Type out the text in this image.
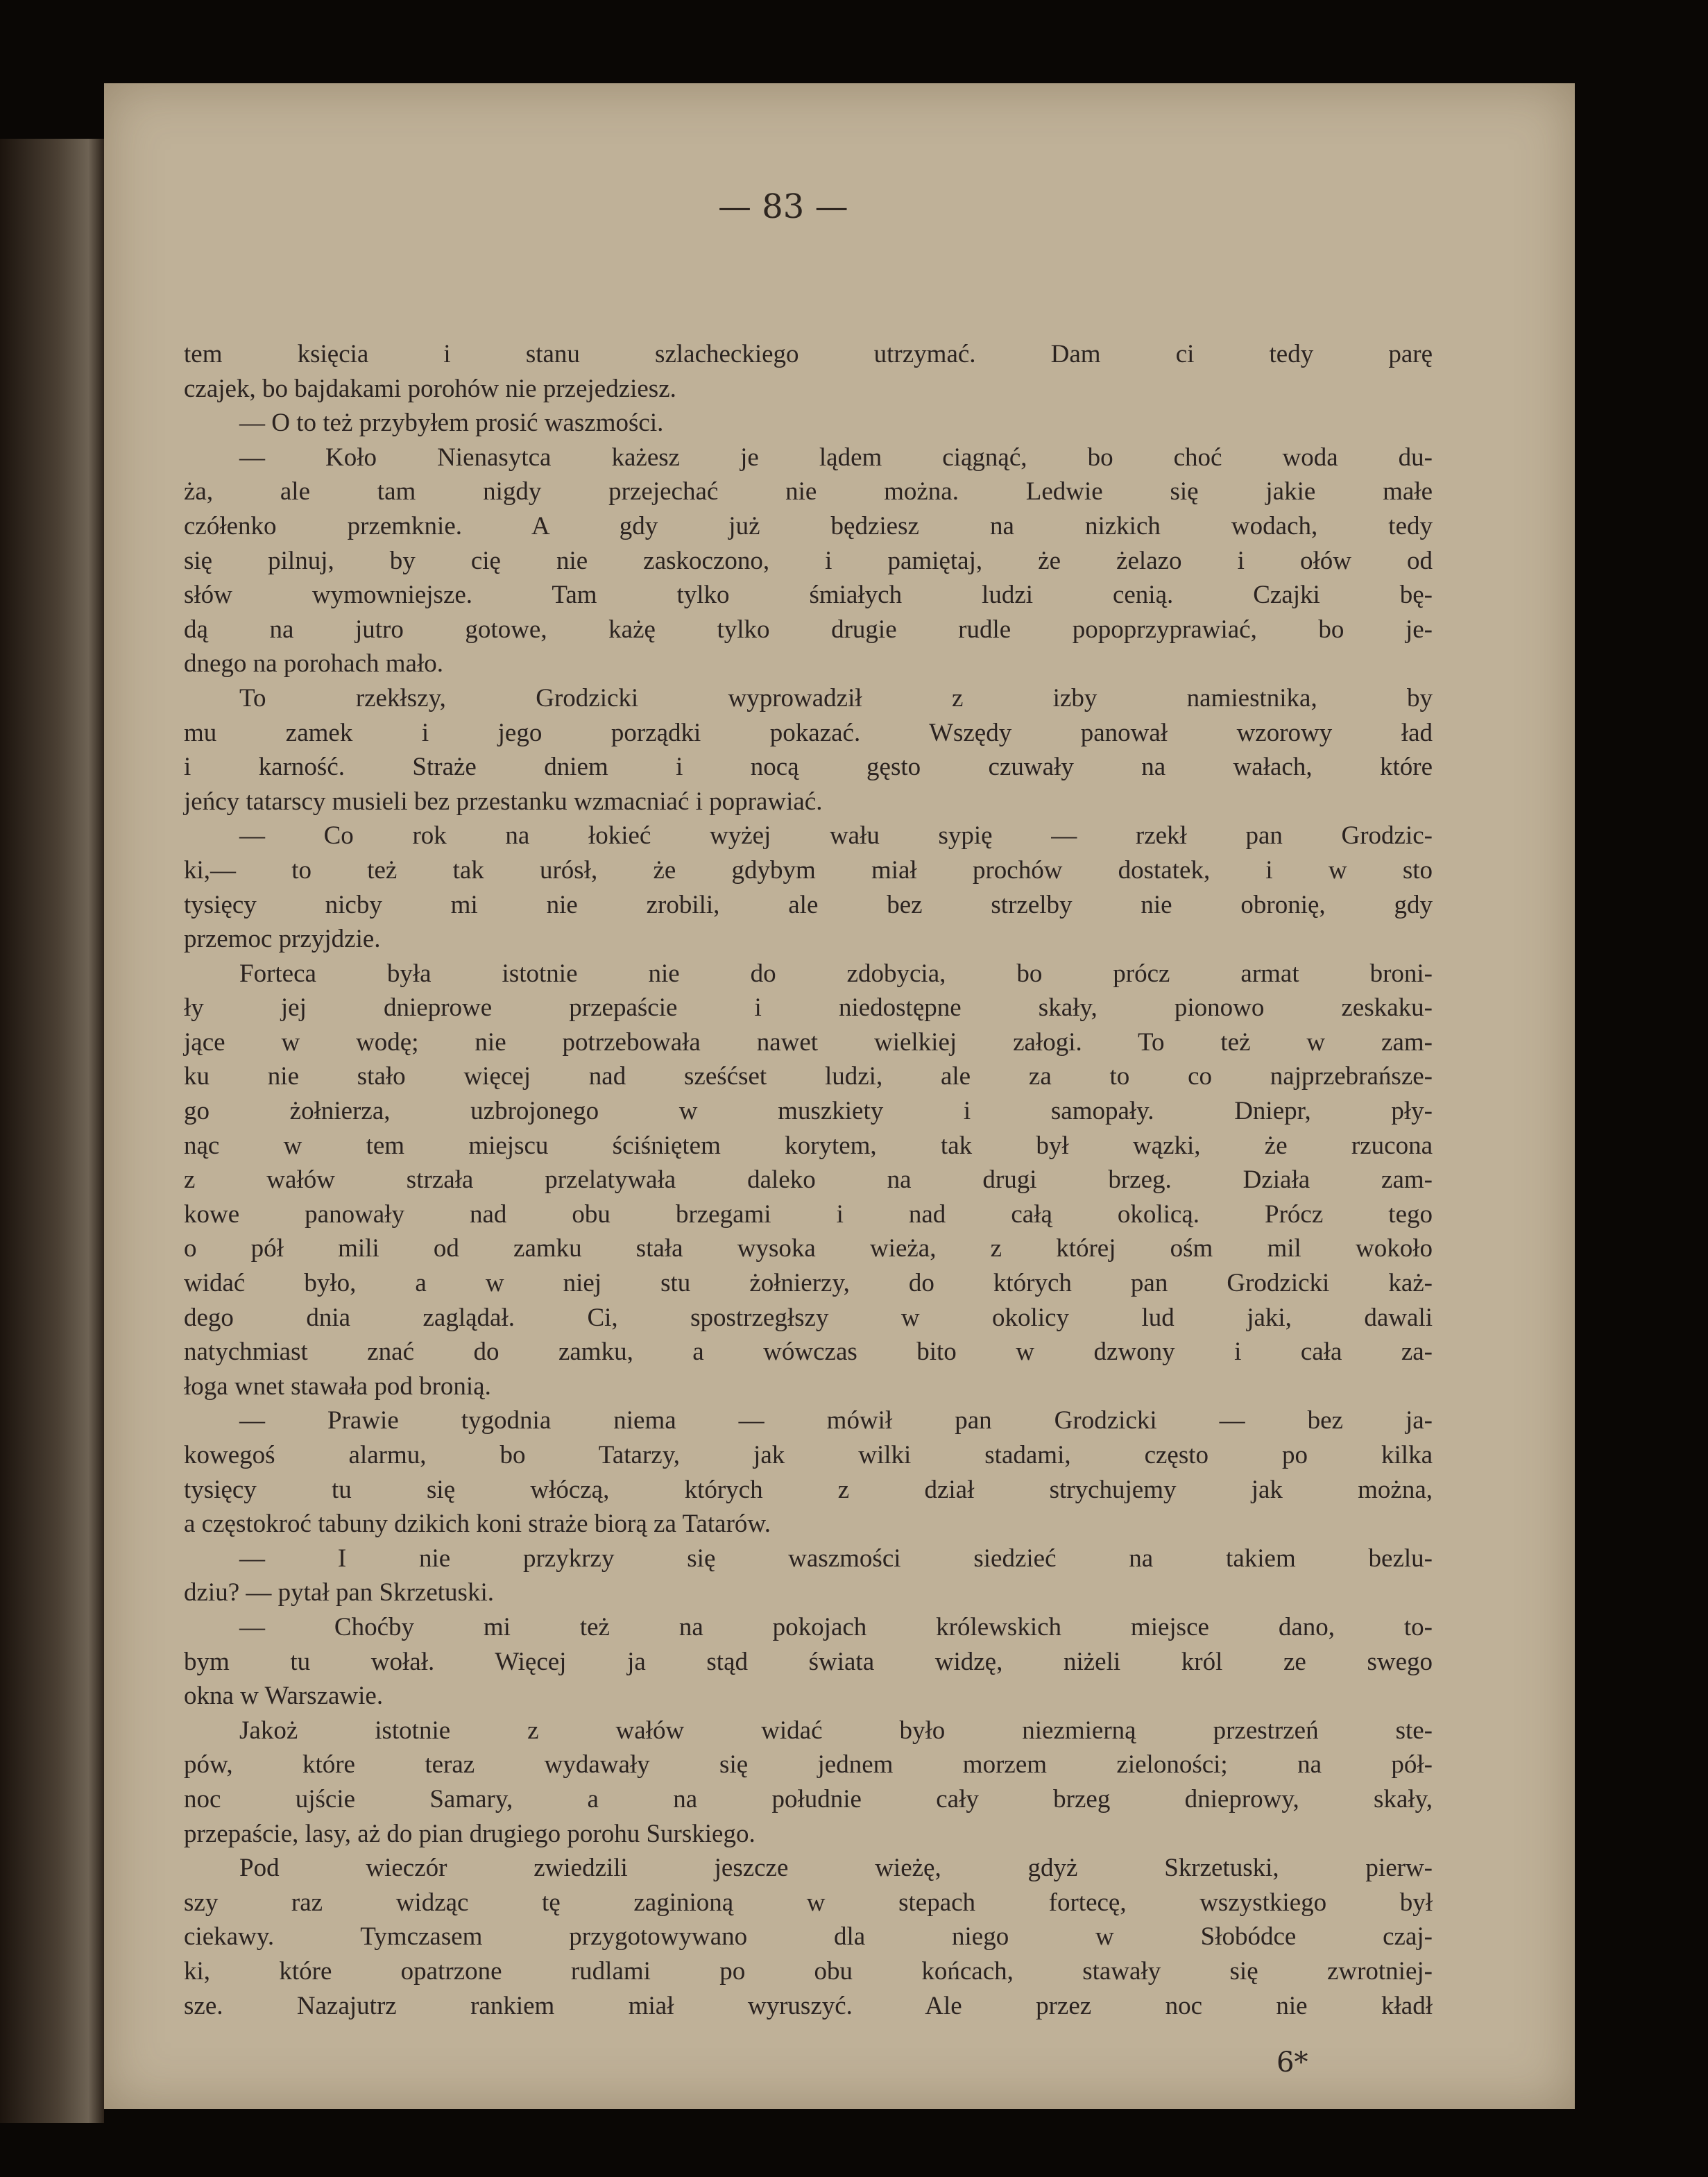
— 83 —
tem księcia i stanu szlacheckiego utrzymać. Dam ci tedy parę
czajek, bo bajdakami porohów nie przejedziesz.
— O to też przybyłem prosić waszmości.
— Koło Nienasytca każesz je lądem ciągnąć, bo choć woda du-
ża, ale tam nigdy przejechać nie można. Ledwie się jakie małe
czółenko przemknie. A gdy już będziesz na nizkich wodach, tedy
się pilnuj, by cię nie zaskoczono, i pamiętaj, że żelazo i ołów od
słów wymowniejsze. Tam tylko śmiałych ludzi cenią. Czajki bę-
dą na jutro gotowe, każę tylko drugie rudle popoprzyprawiać, bo je-
dnego na porohach mało.
To rzekłszy, Grodzicki wyprowadził z izby namiestnika, by
mu zamek i jego porządki pokazać. Wszędy panował wzorowy ład
i karność. Straże dniem i nocą gęsto czuwały na wałach, które
jeńcy tatarscy musieli bez przestanku wzmacniać i poprawiać.
— Co rok na łokieć wyżej wału sypię — rzekł pan Grodzic-
ki,— to też tak urósł, że gdybym miał prochów dostatek, i w sto
tysięcy nicby mi nie zrobili, ale bez strzelby nie obronię, gdy
przemoc przyjdzie.
Forteca była istotnie nie do zdobycia, bo prócz armat broni-
ły jej dnieprowe przepaście i niedostępne skały, pionowo zeskaku-
jące w wodę; nie potrzebowała nawet wielkiej załogi. To też w zam-
ku nie stało więcej nad sześćset ludzi, ale za to co najprzebrańsze-
go żołnierza, uzbrojonego w muszkiety i samopały. Dniepr, pły-
nąc w tem miejscu ściśniętem korytem, tak był wązki, że rzucona
z wałów strzała przelatywała daleko na drugi brzeg. Działa zam-
kowe panowały nad obu brzegami i nad całą okolicą. Prócz tego
o pół mili od zamku stała wysoka wieża, z której ośm mil wokoło
widać było, a w niej stu żołnierzy, do których pan Grodzicki każ-
dego dnia zaglądał. Ci, spostrzegłszy w okolicy lud jaki, dawali
natychmiast znać do zamku, a wówczas bito w dzwony i cała za-
łoga wnet stawała pod bronią.
— Prawie tygodnia niema — mówił pan Grodzicki — bez ja-
kowegoś alarmu, bo Tatarzy, jak wilki stadami, często po kilka
tysięcy tu się włóczą, których z dział strychujemy jak można,
a częstokroć tabuny dzikich koni straże biorą za Tatarów.
— I nie przykrzy się waszmości siedzieć na takiem bezlu-
dziu? — pytał pan Skrzetuski.
— Choćby mi też na pokojach królewskich miejsce dano, to-
bym tu wołał. Więcej ja stąd świata widzę, niżeli król ze swego
okna w Warszawie.
Jakoż istotnie z wałów widać było niezmierną przestrzeń ste-
pów, które teraz wydawały się jednem morzem zieloności; na pół-
noc ujście Samary, a na południe cały brzeg dnieprowy, skały,
przepaście, lasy, aż do pian drugiego porohu Surskiego.
Pod wieczór zwiedzili jeszcze wieżę, gdyż Skrzetuski, pierw-
szy raz widząc tę zaginioną w stepach fortecę, wszystkiego był
ciekawy. Tymczasem przygotowywano dla niego w Słobódce czaj-
ki, które opatrzone rudlami po obu końcach, stawały się zwrotniej-
sze. Nazajutrz rankiem miał wyruszyć. Ale przez noc nie kładł
6*
